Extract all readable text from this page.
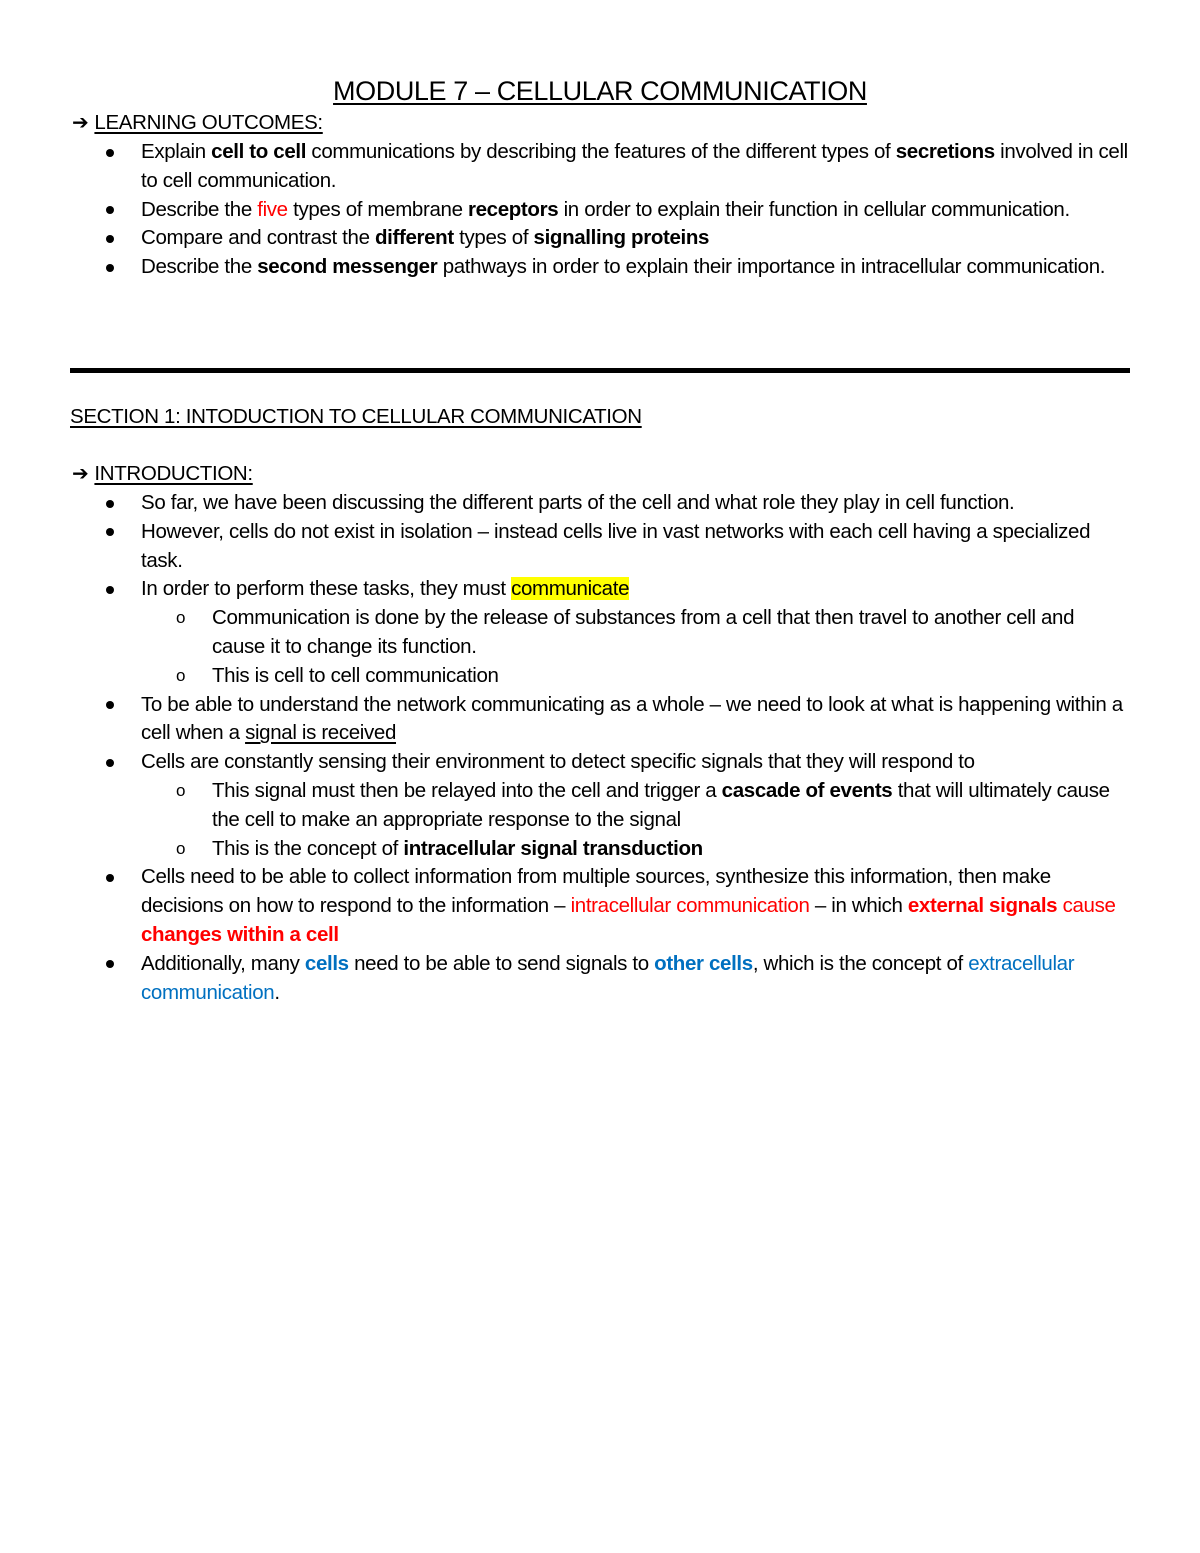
MODULE 7 – CELLULAR COMMUNICATION
➔ LEARNING OUTCOMES:
Explain cell to cell communications by describing the features of the different types of secretions involved in cell to cell communication.
Describe the five types of membrane receptors in order to explain their function in cellular communication.
Compare and contrast the different types of signalling proteins
Describe the second messenger pathways in order to explain their importance in intracellular communication.
SECTION 1: INTODUCTION TO CELLULAR COMMUNICATION
➔ INTRODUCTION:
So far, we have been discussing the different parts of the cell and what role they play in cell function.
However, cells do not exist in isolation – instead cells live in vast networks with each cell having a specialized task.
In order to perform these tasks, they must communicate
o Communication is done by the release of substances from a cell that then travel to another cell and cause it to change its function.
o This is cell to cell communication
To be able to understand the network communicating as a whole – we need to look at what is happening within a cell when a signal is received
Cells are constantly sensing their environment to detect specific signals that they will respond to
o This signal must then be relayed into the cell and trigger a cascade of events that will ultimately cause the cell to make an appropriate response to the signal
o This is the concept of intracellular signal transduction
Cells need to be able to collect information from multiple sources, synthesize this information, then make decisions on how to respond to the information – intracellular communication – in which external signals cause changes within a cell
Additionally, many cells need to be able to send signals to other cells, which is the concept of extracellular communication.
